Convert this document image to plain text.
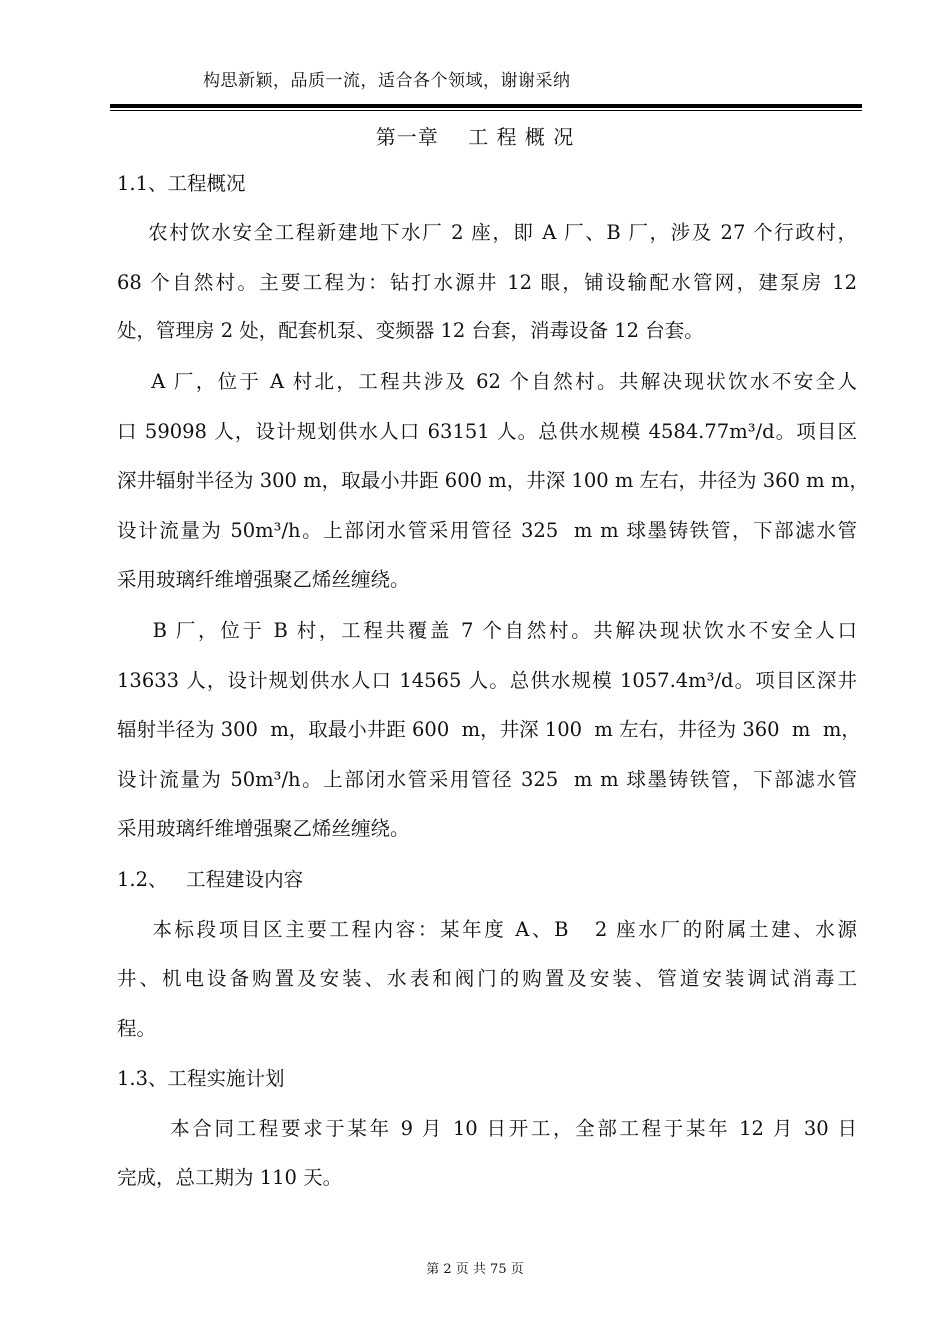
构思新颖，品质一流，适合各个领域，谢谢采纳
第一章    工 程 概 况
1.1、工程概况
农村饮水安全工程新建地下水厂 2 座，即 A 厂、B 厂，涉及 27 个行政村，
68 个自然村。主要工程为：钻打水源井 12 眼，铺设输配水管网，建泵房 12
处，管理房 2 处，配套机泵、变频器 12 台套，消毒设备 12 台套。
A 厂，位于 A 村北，工程共涉及 62 个自然村。共解决现状饮水不安全人
口 59098 人，设计规划供水人口 63151 人。总供水规模 4584.77m³/d。项目区
深井辐射半径为 300 m，取最小井距 600 m，井深 100 m 左右，井径为 360 m m，
设计流量为 50m³/h。上部闭水管采用管径 325  m m 球墨铸铁管，下部滤水管
采用玻璃纤维增强聚乙烯丝缠绕。
B 厂，位于 B 村，工程共覆盖 7 个自然村。共解决现状饮水不安全人口
13633 人，设计规划供水人口 14565 人。总供水规模 1057.4m³/d。项目区深井
辐射半径为 300  m，取最小井距 600  m，井深 100  m 左右，井径为 360  m  m，
设计流量为 50m³/h。上部闭水管采用管径 325  m m 球墨铸铁管，下部滤水管
采用玻璃纤维增强聚乙烯丝缠绕。
1.2、   工程建设内容
本标段项目区主要工程内容：某年度 A、B   2 座水厂的附属土建、水源
井、机电设备购置及安装、水表和阀门的购置及安装、管道安装调试消毒工
程。
1.3、工程实施计划
本合同工程要求于某年 9 月 10 日开工，全部工程于某年 12 月 30 日
完成，总工期为 110 天。
第 2 页 共 75 页
